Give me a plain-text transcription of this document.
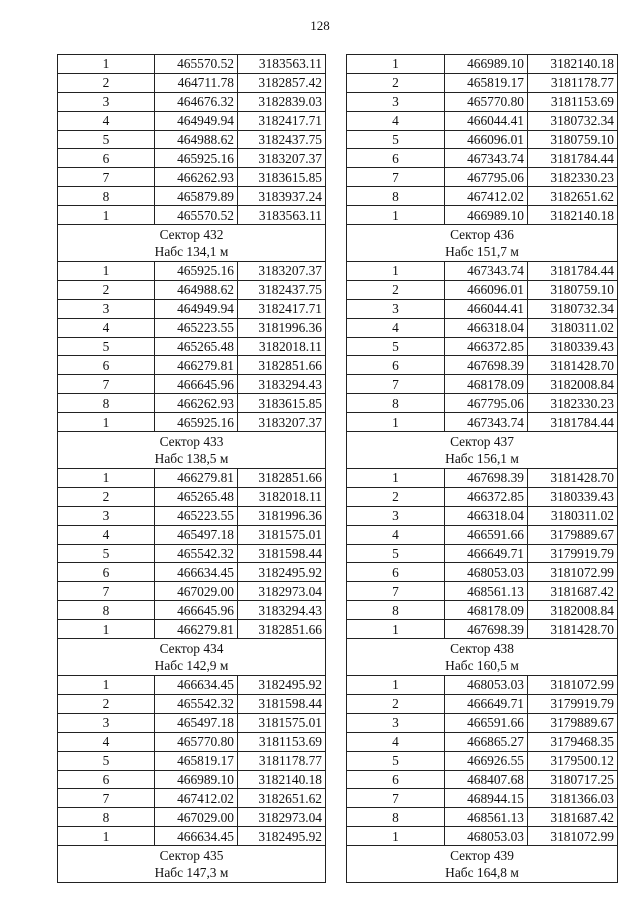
128
1	465570.52	3183563.11
2	464711.78	3182857.42
3	464676.32	3182839.03
4	464949.94	3182417.71
5	464988.62	3182437.75
6	465925.16	3183207.37
7	466262.93	3183615.85
8	465879.89	3183937.24
1	465570.52	3183563.11

Сектор 432
Набс 134,1 м		

1	465925.16	3183207.37
2	464988.62	3182437.75
3	464949.94	3182417.71
4	465223.55	3181996.36
5	465265.48	3182018.11
6	466279.81	3182851.66
7	466645.96	3183294.43
8	466262.93	3183615.85
1	465925.16	3183207.37

Сектор 433
Набс 138,5 м		

1	466279.81	3182851.66
2	465265.48	3182018.11
3	465223.55	3181996.36
4	465497.18	3181575.01
5	465542.32	3181598.44
6	466634.45	3182495.92
7	467029.00	3182973.04
8	466645.96	3183294.43
1	466279.81	3182851.66

Сектор 434
Набс 142,9 м		

1	466634.45	3182495.92
2	465542.32	3181598.44
3	465497.18	3181575.01
4	465770.80	3181153.69
5	465819.17	3181178.77
6	466989.10	3182140.18
7	467412.02	3182651.62
8	467029.00	3182973.04
1	466634.45	3182495.92

Сектор 435
Набс 147,3 м		
1	466989.10	3182140.18
2	465819.17	3181178.77
3	465770.80	3181153.69
4	466044.41	3180732.34
5	466096.01	3180759.10
6	467343.74	3181784.44
7	467795.06	3182330.23
8	467412.02	3182651.62
1	466989.10	3182140.18

Сектор 436
Набс 151,7 м		

1	467343.74	3181784.44
2	466096.01	3180759.10
3	466044.41	3180732.34
4	466318.04	3180311.02
5	466372.85	3180339.43
6	467698.39	3181428.70
7	468178.09	3182008.84
8	467795.06	3182330.23
1	467343.74	3181784.44

Сектор 437
Набс 156,1 м		

1	467698.39	3181428.70
2	466372.85	3180339.43
3	466318.04	3180311.02
4	466591.66	3179889.67
5	466649.71	3179919.79
6	468053.03	3181072.99
7	468561.13	3181687.42
8	468178.09	3182008.84
1	467698.39	3181428.70

Сектор 438
Набс 160,5 м		

1	468053.03	3181072.99
2	466649.71	3179919.79
3	466591.66	3179889.67
4	466865.27	3179468.35
5	466926.55	3179500.12
6	468407.68	3180717.25
7	468944.15	3181366.03
8	468561.13	3181687.42
1	468053.03	3181072.99

Сектор 439
Набс 164,8 м		
